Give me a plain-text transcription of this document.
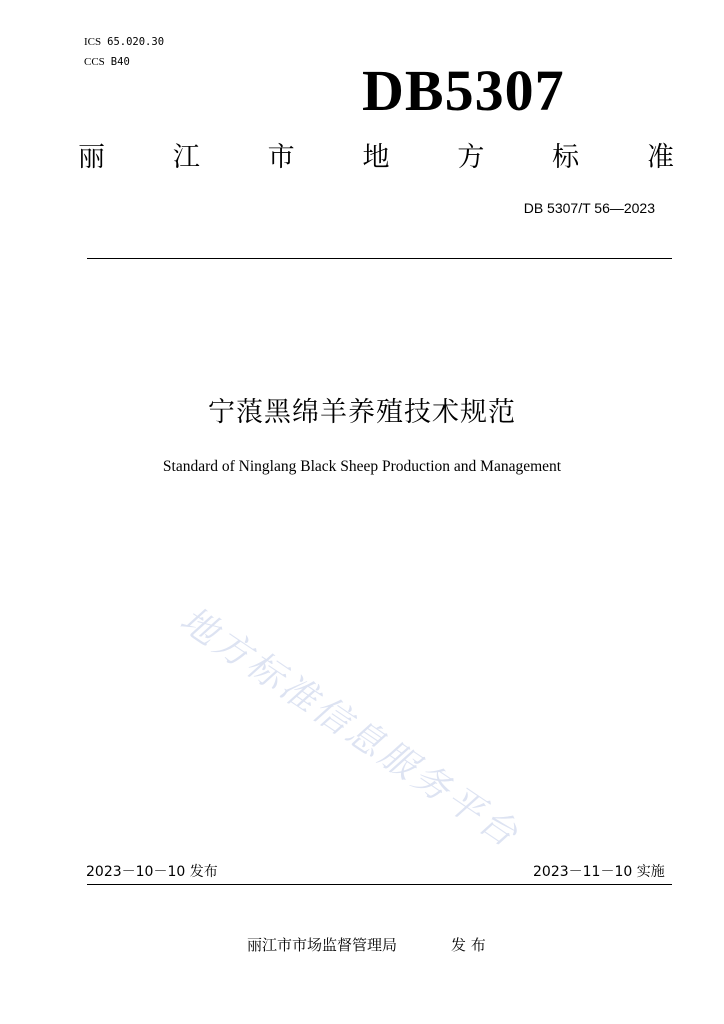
ICS 65.020.30
CCS B40	DB5307
丽	江	市	地	方	标	准
DB 5307/T 56—2023
宁蒗黑绵羊养殖技术规范
Standard of Ninglang Black Sheep Production and Management
地方标准信息服务平台
2023－10－10 发布	2023－11－10 实施
丽江市市场监督管理局	发 布
